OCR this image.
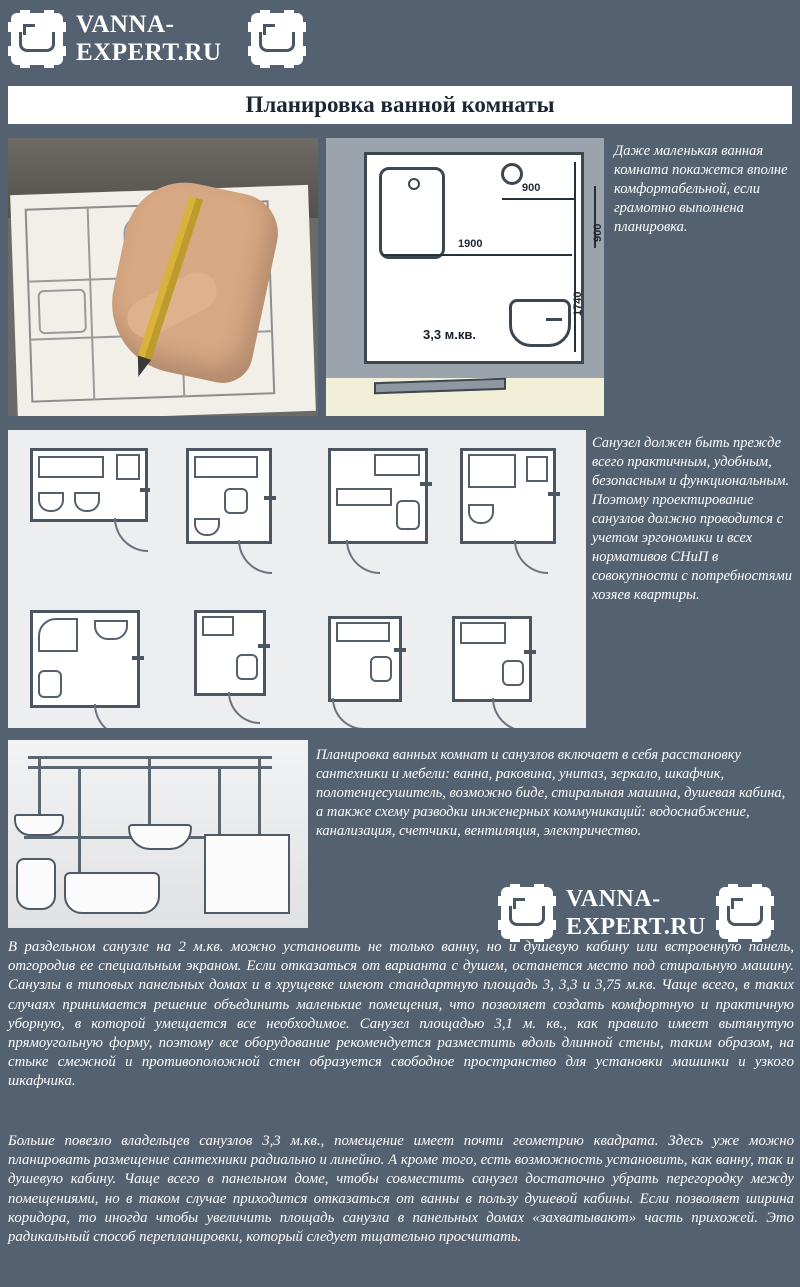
VANNA-
EXPERT.RU
Планировка ванной комнаты
3,3 м.кв.
1900
900
900
1740
Даже маленькая ванная комната покажется вполне комфортабельной, если грамотно выполнена планировка.
Санузел должен быть прежде всего практичным, удобным, безопасным и функциональным. Поэтому проектирование санузлов должно проводится с учетом эргономики и всех нормативов СНиП в совокупности с потребностями хозяев квартиры.
Планировка ванных комнат и санузлов включает в себя расстановку сантехники и мебели: ванна, раковина, унитаз, зеркало, шкафчик, полотенцесушитель, возможно биде, стиральная машина, душевая кабина, а также схему разводки инженерных коммуникаций: водоснабжение, канализация, счетчики, вентиляция, электричество.
VANNA-
EXPERT.RU
В раздельном санузле на 2 м.кв. можно установить не только ванну, но и душевую кабину или встроенную панель, отгородив ее специальным экраном. Если отказаться от варианта с душем, останется место под стиральную машину. Санузлы в типовых панельных домах и в хрущевке имеют стандартную площадь 3, 3,3 и 3,75 м.кв. Чаще всего, в таких случаях принимается решение объединить маленькие помещения, что позволяет создать комфортную и практичную уборную, в которой умещается все необходимое. Санузел площадью 3,1 м. кв., как правило имеет вытянутую прямоугольную форму, поэтому все оборудование рекомендуется разместить вдоль длинной стены, таким образом, на стыке смежной и противоположной стен образуется свободное пространство для установки машинки и узкого шкафчика.
Больше повезло владельцев санузлов 3,3 м.кв., помещение имеет почти геометрию квадрата. Здесь уже можно планировать размещение сантехники радиально и линейно. А кроме того, есть возможность установить, как ванну, так и душевую кабину. Чаще всего в панельном доме, чтобы совместить санузел достаточно убрать перегородку между помещениями, но в таком случае приходится отказаться от ванны в пользу душевой кабины. Если позволяет ширина коридора, то иногда чтобы увеличить площадь санузла в панельных домах «захватывают» часть прихожей. Это радикальный способ перепланировки, который следует тщательно просчитать.
